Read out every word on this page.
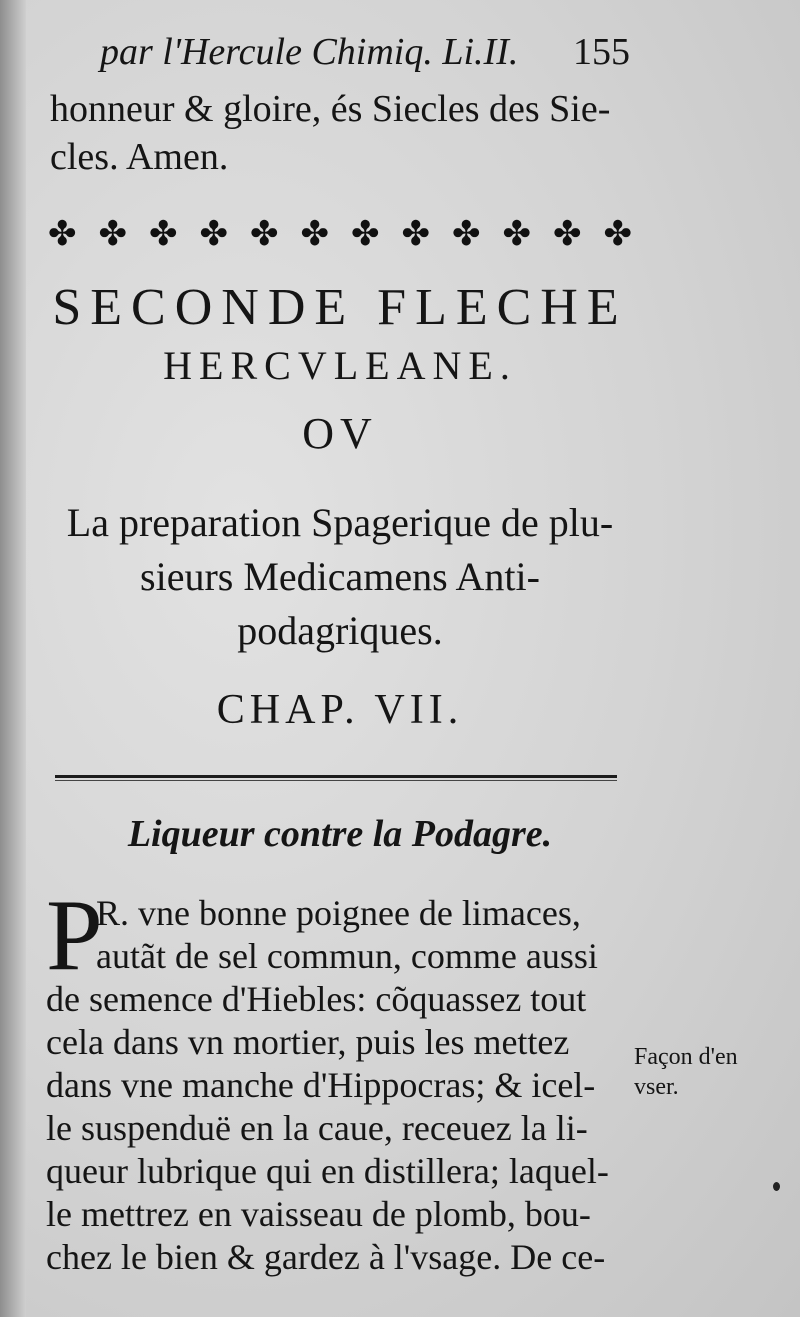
par l'Hercule Chimiq. Li.II. 155
honneur & gloire, és Siecles des Sie-
cles. Amen.
✤ ✤ ✤ ✤ ✤ ✤ ✤ ✤ ✤ ✤ ✤ ✤
SECONDE FLECHE
HERCVLEANE.
OV
La preparation Spagerique de plu-
sieurs Medicamens Anti-
podagriques.
CHAP. VII.
Liqueur contre la Podagre.
P

R. vne bonne poignee de limaces,
autãt de sel commun, comme aussi
de semence d'Hiebles: cõquassez tout
cela dans vn mortier, puis les mettez
dans vne manche d'Hippocras; & icel-
le suspenduë en la caue, receuez la li-
queur lubrique qui en distillera; laquel-
le mettrez en vaisseau de plomb, bou-
chez le bien & gardez à l'vsage. De ce-

Façon d'en
vser.
